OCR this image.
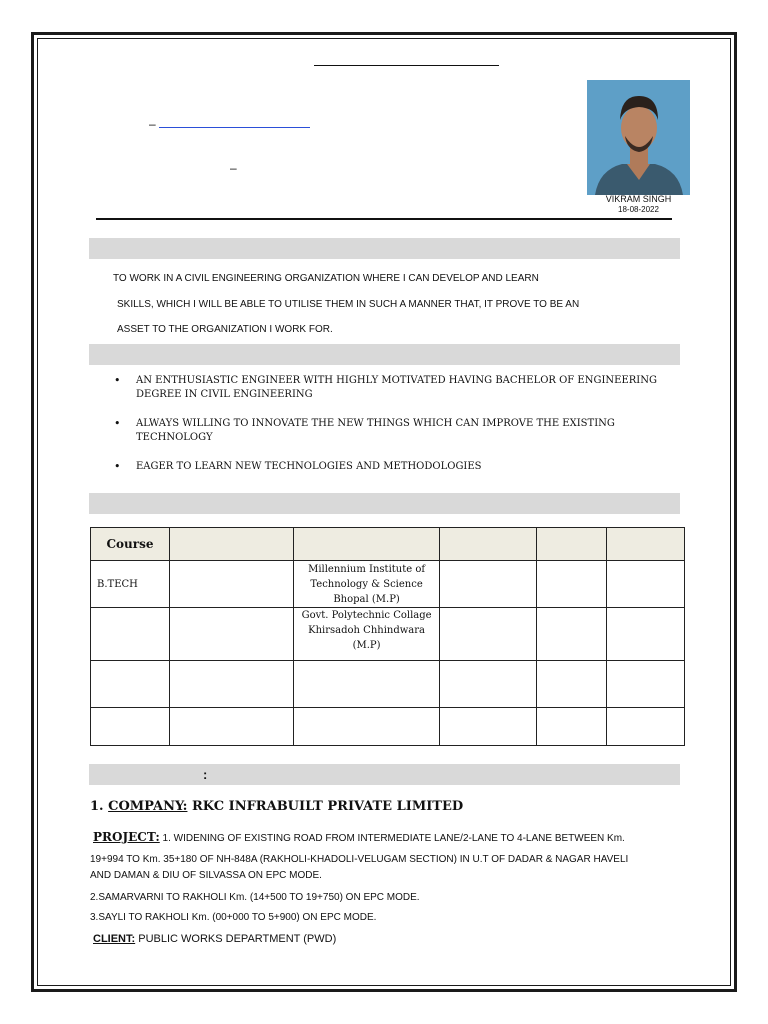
–
–
VIKRAM SINGH
18-08-2022
TO WORK IN A CIVIL ENGINEERING ORGANIZATION WHERE I CAN DEVELOP AND LEARN
SKILLS, WHICH I WILL BE ABLE TO UTILISE THEM IN SUCH A MANNER THAT, IT PROVE TO BE AN
ASSET TO THE ORGANIZATION I WORK FOR.
• AN ENTHUSIASTIC ENGINEER WITH HIGHLY MOTIVATED HAVING BACHELOR OF ENGINEERING DEGREE IN CIVIL ENGINEERING
• ALWAYS WILLING TO INNOVATE THE NEW THINGS WHICH CAN IMPROVE THE EXISTING TECHNOLOGY
• EAGER TO LEARN NEW TECHNOLOGIES AND METHODOLOGIES
Course					
B.TECH		Millennium Institute of Technology & Science Bhopal (M.P)			
		Govt. Polytechnic Collage Khirsadoh Chhindwara (M.P)			

:
1. COMPANY: RKC INFRABUILT PRIVATE LIMITED
PROJECT: 1. WIDENING OF EXISTING ROAD FROM INTERMEDIATE LANE/2-LANE TO 4-LANE BETWEEN Km.
19+994 TO Km. 35+180 OF NH-848A (RAKHOLI-KHADOLI-VELUGAM SECTION) IN U.T OF DADAR & NAGAR HAVELI
AND DAMAN & DIU OF SILVASSA ON EPC MODE.
2.SAMARVARNI TO RAKHOLI Km. (14+500 TO 19+750) ON EPC MODE.
3.SAYLI TO RAKHOLI Km. (00+000 TO 5+900) ON EPC MODE.
CLIENT: PUBLIC WORKS DEPARTMENT (PWD)
